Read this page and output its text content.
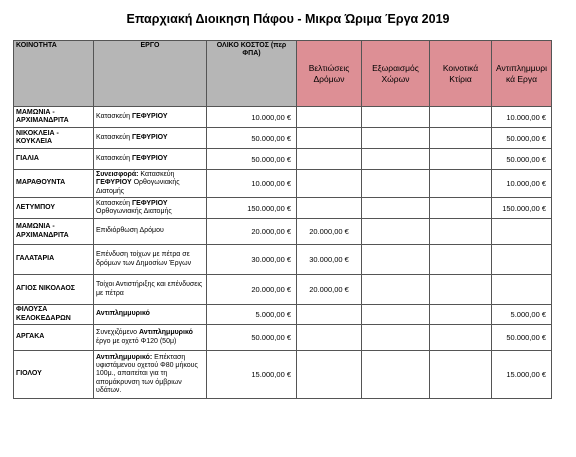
Επαρχιακή Διοικηση Πάφου - Μικρα Ώριμα Έργα 2019
ΚΟΙΝΟΤΗΤΑ	ΕΡΓΟ	ΟΛΙΚΟ ΚΟΣΤΟΣ (περ ΦΠΑ)	Βελτιώσεις Δρόμων	Εξωραισμός Χώρων	Κοινοτικά Κτίρια	Αντιπλημμυρι κά Εργα
ΜΑΜΩΝΙΑ - ΑΡΧΙΜΑΝΔΡΙΤΑ	Κατασκεύη ΓΕΦΥΡΙΟΥ	10.000,00 €				10.000,00 €
ΝΙΚΟΚΛΕΙΑ - ΚΟΥΚΛΕΙΑ	Κατασκεύη ΓΕΦΥΡΙΟΥ	50.000,00 €				50.000,00 €
ΓΙΑΛΙΑ	Κατασκεύη ΓΕΦΥΡΙΟΥ	50.000,00 €				50.000,00 €
ΜΑΡΑΘΟΥΝΤΑ	Συνεισφορά: Κατασκεύη ΓΕΦΥΡΙΟΥ Ορθογωνιακής Διατομής	10.000,00 €				10.000,00 €
ΛΕΤΥΜΠΟΥ	Κατασκεύη ΓΕΦΥΡΙΟΥ Ορθογωνιακής Διατομής	150.000,00 €				150.000,00 €
ΜΑΜΩΝΙΑ - ΑΡΧΙΜΑΝΔΡΙΤΑ	Επιδιόρθωση Δρόμου	20.000,00 €	20.000,00 €			
ΓΑΛΑΤΑΡΙΑ	Επένδυση τοίχων με πέτρα σε δρόμων των Δημοσίων Έργων	30.000,00 €	30.000,00 €			
ΑΓΙΟΣ ΝΙΚΟΛΑΟΣ	Τοίχοι Αντιστήριξης και επένδυσεις με πέτρα	20.000,00 €	20.000,00 €			
ΦΙΛΟΥΣΑ ΚΕΛΟΚΕΔΑΡΩΝ	Αντιπλημμυρικό	5.000,00 €				5.000,00 €
ΑΡΓΑΚΑ	Συνεχιζόμενο Αντιπλημμυρικό έργο με οχετό Φ120 (50μ)	50.000,00 €				50.000,00 €
ΓΙΟΛΟΥ	Αντιπλημμυρικό: Επέκταση υφιστάμενου οχετού Φ80 μήκους 100μ., απαιτείται για τη απομάκρυνση των όμβριων υδάτων.	15.000,00 €				15.000,00 €
